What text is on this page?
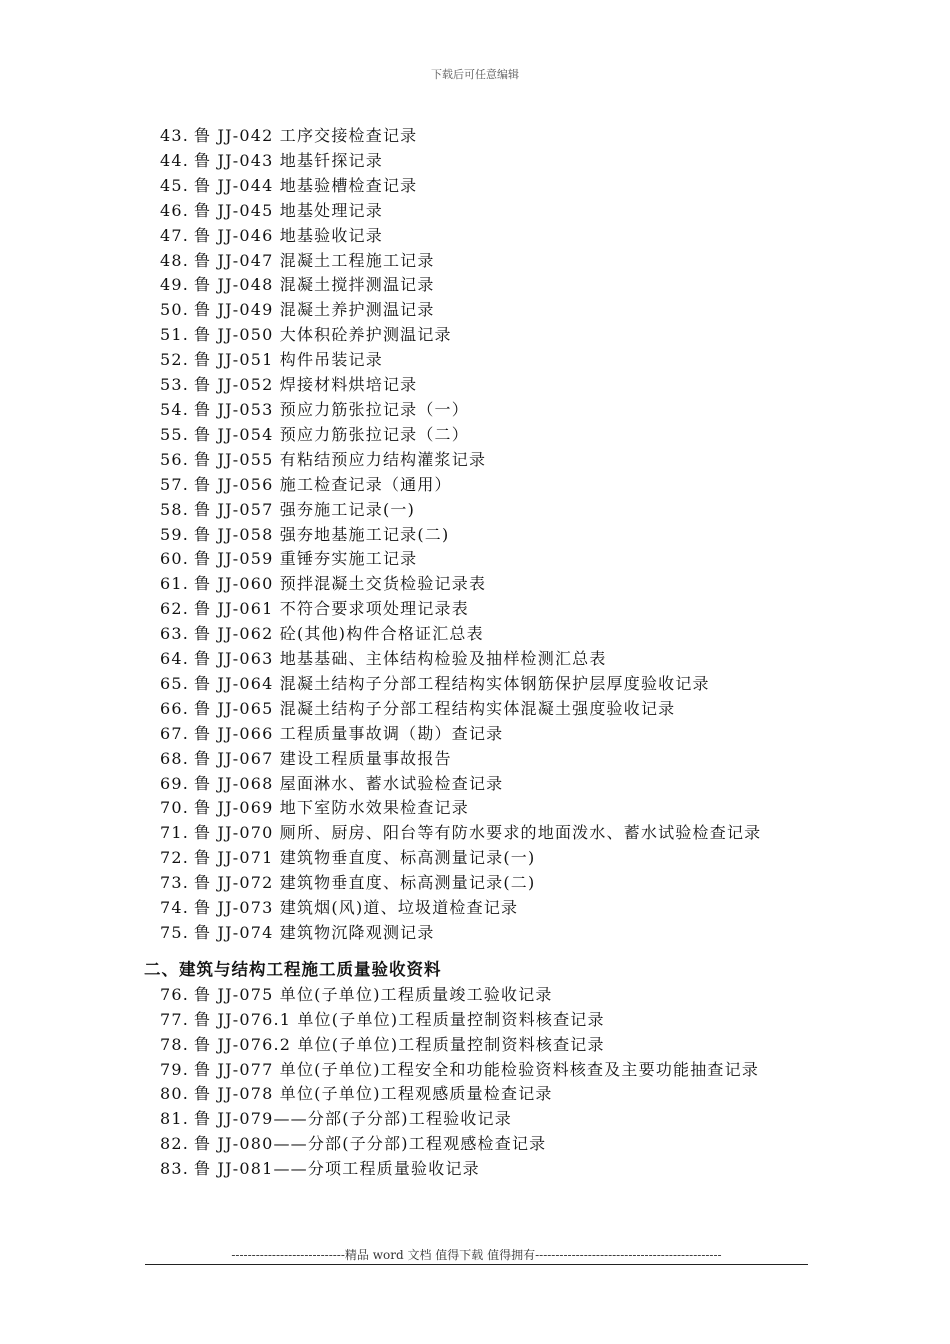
下载后可任意编辑
43. 鲁 JJ-042 工序交接检查记录
44. 鲁 JJ-043 地基钎探记录
45. 鲁 JJ-044 地基验槽检查记录
46. 鲁 JJ-045 地基处理记录
47. 鲁 JJ-046 地基验收记录
48. 鲁 JJ-047 混凝土工程施工记录
49. 鲁 JJ-048 混凝土搅拌测温记录
50. 鲁 JJ-049 混凝土养护测温记录
51. 鲁 JJ-050 大体积砼养护测温记录
52. 鲁 JJ-051 构件吊装记录
53. 鲁 JJ-052 焊接材料烘培记录
54. 鲁 JJ-053 预应力筋张拉记录（一）
55. 鲁 JJ-054 预应力筋张拉记录（二）
56. 鲁 JJ-055 有粘结预应力结构灌浆记录
57. 鲁 JJ-056 施工检查记录（通用）
58. 鲁 JJ-057 强夯施工记录(一)
59. 鲁 JJ-058 强夯地基施工记录(二)
60. 鲁 JJ-059 重锤夯实施工记录
61. 鲁 JJ-060 预拌混凝土交货检验记录表
62. 鲁 JJ-061 不符合要求项处理记录表
63. 鲁 JJ-062 砼(其他)构件合格证汇总表
64. 鲁 JJ-063 地基基础、主体结构检验及抽样检测汇总表
65. 鲁 JJ-064 混凝土结构子分部工程结构实体钢筋保护层厚度验收记录
66. 鲁 JJ-065 混凝土结构子分部工程结构实体混凝土强度验收记录
67. 鲁 JJ-066 工程质量事故调（勘）查记录
68. 鲁 JJ-067 建设工程质量事故报告
69. 鲁 JJ-068 屋面淋水、蓄水试验检查记录
70. 鲁 JJ-069 地下室防水效果检查记录
71. 鲁 JJ-070 厕所、厨房、阳台等有防水要求的地面泼水、蓄水试验检查记录
72. 鲁 JJ-071 建筑物垂直度、标高测量记录(一)
73. 鲁 JJ-072 建筑物垂直度、标高测量记录(二)
74. 鲁 JJ-073 建筑烟(风)道、垃圾道检查记录
75. 鲁 JJ-074 建筑物沉降观测记录
二、建筑与结构工程施工质量验收资料
76. 鲁 JJ-075 单位(子单位)工程质量竣工验收记录
77. 鲁 JJ-076.1 单位(子单位)工程质量控制资料核查记录
78. 鲁 JJ-076.2 单位(子单位)工程质量控制资料核查记录
79. 鲁 JJ-077 单位(子单位)工程安全和功能检验资料核查及主要功能抽查记录
80. 鲁 JJ-078 单位(子单位)工程观感质量检查记录
81. 鲁 JJ-079——分部(子分部)工程验收记录
82. 鲁 JJ-080——分部(子分部)工程观感检查记录
83. 鲁 JJ-081——分项工程质量验收记录
----------------------------精品 word 文档 值得下载 值得拥有----------------------------------------------
